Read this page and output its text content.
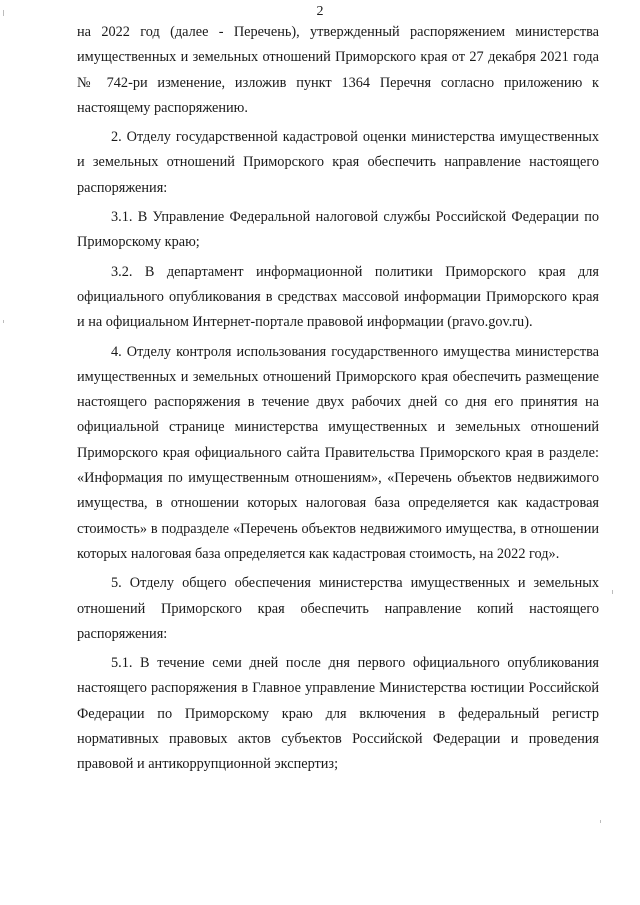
2

на 2022 год (далее - Перечень), утвержденный распоряжением министерства имущественных и земельных отношений Приморского края от 27 декабря 2021 года № 742-ри изменение, изложив пункт 1364 Перечня согласно приложению к настоящему распоряжению.

2. Отделу государственной кадастровой оценки министерства имущественных и земельных отношений Приморского края обеспечить направление настоящего распоряжения:

3.1. В Управление Федеральной налоговой службы Российской Федерации по Приморскому краю;

3.2. В департамент информационной политики Приморского края для официального опубликования в средствах массовой информации Приморского края и на официальном Интернет-портале правовой информации (pravo.gov.ru).

4. Отделу контроля использования государственного имущества министерства имущественных и земельных отношений Приморского края обеспечить размещение настоящего распоряжения в течение двух рабочих дней со дня его принятия на официальной странице министерства имущественных и земельных отношений Приморского края официального сайта Правительства Приморского края в разделе: «Информация по имущественным отношениям», «Перечень объектов недвижимого имущества, в отношении которых налоговая база определяется как кадастровая стоимость» в подразделе «Перечень объектов недвижимого имущества, в отношении которых налоговая база определяется как кадастровая стоимость, на 2022 год».

5. Отделу общего обеспечения министерства имущественных и земельных отношений Приморского края обеспечить направление копий настоящего распоряжения:

5.1. В течение семи дней после дня первого официального опубликования настоящего распоряжения в Главное управление Министерства юстиции Российской Федерации по Приморскому краю для включения в федеральный регистр нормативных правовых актов субъектов Российской Федерации и проведения правовой и антикоррупционной экспертиз;
